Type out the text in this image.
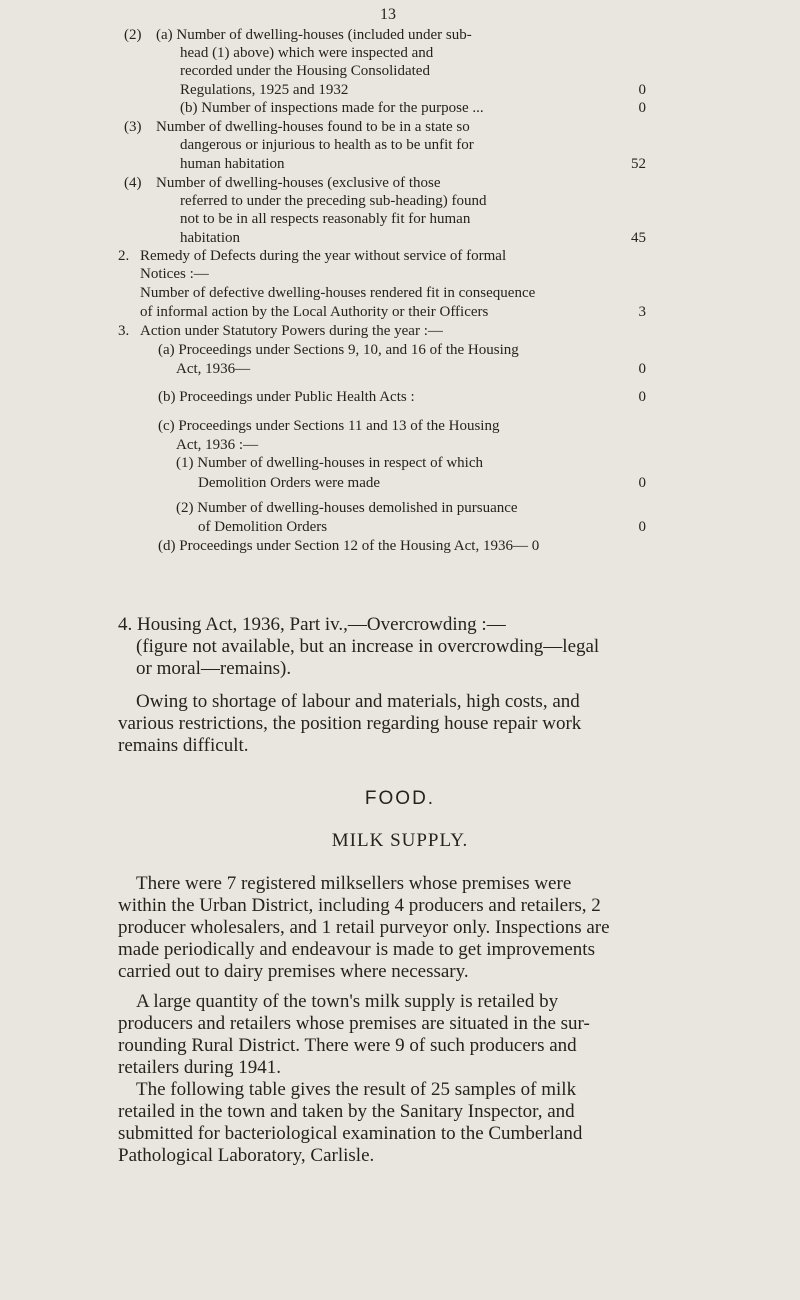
13
(2) (a) Number of dwelling-houses (included under sub-
head (1) above) which were inspected and
recorded under the Housing Consolidated
Regulations, 1925 and 1932	0
(b) Number of inspections made for the purpose ...	0
(3) Number of dwelling-houses found to be in a state so
dangerous or injurious to health as to be unfit for
human habitation	52
(4) Number of dwelling-houses (exclusive of those
referred to under the preceding sub-heading) found
not to be in all respects reasonably fit for human
habitation	45
2. Remedy of Defects during the year without service of formal
Notices :—
Number of defective dwelling-houses rendered fit in consequence
of informal action by the Local Authority or their Officers	3
3. Action under Statutory Powers during the year :—
(a) Proceedings under Sections 9, 10, and 16 of the Housing
Act, 1936—	0
(b) Proceedings under Public Health Acts :	0
(c) Proceedings under Sections 11 and 13 of the Housing
Act, 1936 :—
(1) Number of dwelling-houses in respect of which
Demolition Orders were made	0
(2) Number of dwelling-houses demolished in pursuance
of Demolition Orders	0
(d) Proceedings under Section 12 of the Housing Act, 1936— 0
4. Housing Act, 1936, Part iv.,—Overcrowding :—
(figure not available, but an increase in overcrowding—legal
or moral—remains).
Owing to shortage of labour and materials, high costs, and
various restrictions, the position regarding house repair work
remains difficult.
FOOD.
MILK SUPPLY.
There were 7 registered milksellers whose premises were
within the Urban District, including 4 producers and retailers, 2
producer wholesalers, and 1 retail purveyor only. Inspections are
made periodically and endeavour is made to get improvements
carried out to dairy premises where necessary.
A large quantity of the town's milk supply is retailed by
producers and retailers whose premises are situated in the sur-
rounding Rural District. There were 9 of such producers and
retailers during 1941.
The following table gives the result of 25 samples of milk
retailed in the town and taken by the Sanitary Inspector, and
submitted for bacteriological examination to the Cumberland
Pathological Laboratory, Carlisle.
